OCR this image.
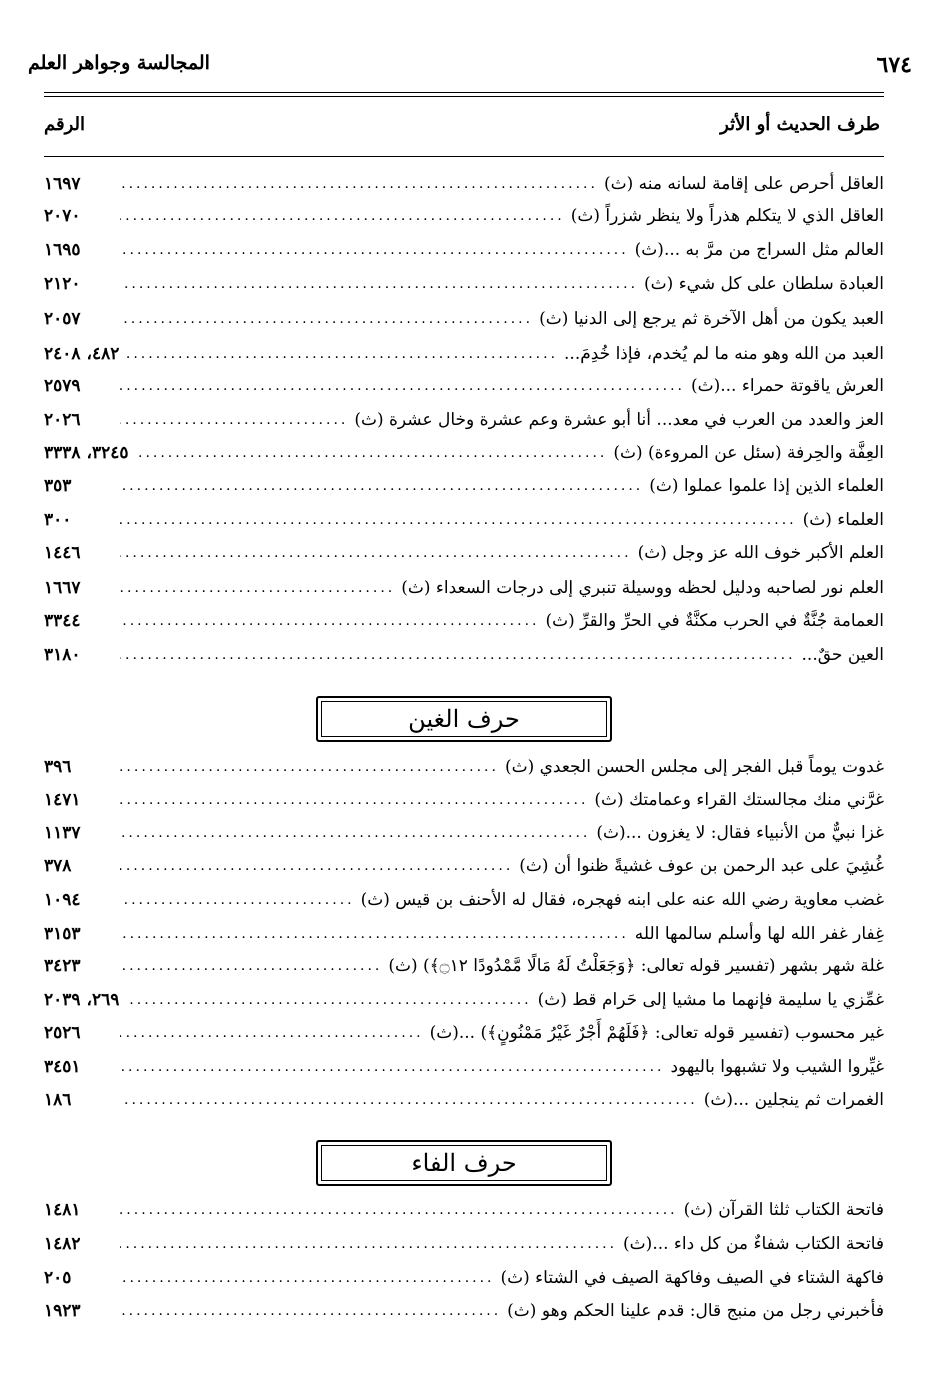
٦٧٤
المجالسة وجواهر العلم
طرف الحديث أو الأثر
الرقم
العاقل أحرص على إقامة لسانه منه (ث)
.....
١٦٩٧
العاقل الذي لا يتكلم هذراً ولا ينظر شزراً (ث)
.....
٢٠٧٠
العالم مثل السراج من مرَّ به ...(ث)
.....
١٦٩٥
العبادة سلطان على كل شيء (ث)
.....
٢١٢٠
العبد يكون من أهل الآخرة ثم يرجع إلى الدنيا (ث)
.....
٢٠٥٧
العبد من الله وهو منه ما لم يُخدم، فإذا خُدِمَ...
.....
٤٨٢، ٢٤٠٨
العرش ياقوتة حمراء ...(ث)
.....
٢٥٧٩
العز والعدد من العرب في معد... أنا أبو عشرة وعم عشرة وخال عشرة (ث)
.....
٢٠٢٦
العِفَّة والحِرفة (سئل عن المروءة) (ث)
.....
٣٢٤٥، ٣٣٣٨
العلماء الذين إذا علموا عملوا (ث)
.....
٣٥٣
العلماء (ث)
.....
٣٠٠
العلم الأكبر خوف الله عز وجل (ث)
.....
١٤٤٦
العلم نور لصاحبه ودليل لحظه ووسيلة تنبري إلى درجات السعداء (ث)
.....
١٦٦٧
العمامة جُنَّةٌ في الحرب مكنَّةٌ في الحرِّ والقرِّ (ث)
.....
٣٣٤٤
العين حقٌ...
.....
٣١٨٠
حرف الغين
غدوت يوماً قبل الفجر إلى مجلس الحسن الجعدي (ث)
.....
٣٩٦
غرَّني منك مجالستك القراء وعمامتك (ث)
.....
١٤٧١
غزا نبيٌّ من الأنبياء فقال: لا يغزون ...(ث)
.....
١١٣٧
غُشِيَ على عبد الرحمن بن عوف غشيةً ظنوا أن (ث)
.....
٣٧٨
غضب معاوية رضي الله عنه على ابنه فهجره، فقال له الأحنف بن قيس (ث)
.....
١٠٩٤
غِفار غفر الله لها وأسلم سالمها الله
.....
٣١٥٣
غلة شهر بشهر (تفسير قوله تعالى: ﴿وَجَعَلْتُ لَهُ مَالًا مَّمْدُودًا ۝١٢﴾) (ث)
.....
٣٤٢٣
غمِّزي يا سليمة فإنهما ما مشيا إلى حَرام قط (ث)
.....
٢٦٩، ٢٠٣٩
غير محسوب (تفسير قوله تعالى: ﴿فَلَهُمْ أَجْرٌ غَيْرُ مَمْنُونٍ﴾) ...(ث)
.....
٢٥٢٦
غيِّروا الشيب ولا تشبهوا باليهود
.....
٣٤٥١
الغمرات ثم ينجلين ...(ث)
.....
١٨٦
حرف الفاء
فاتحة الكتاب ثلثا القرآن (ث)
.....
١٤٨١
فاتحة الكتاب شفاءٌ من كل داء ...(ث)
.....
١٤٨٢
فاكهة الشتاء في الصيف وفاكهة الصيف في الشتاء (ث)
.....
٢٠٥
فأخبرني رجل من منبج قال: قدم علينا الحكم وهو (ث)
.....
١٩٢٣
